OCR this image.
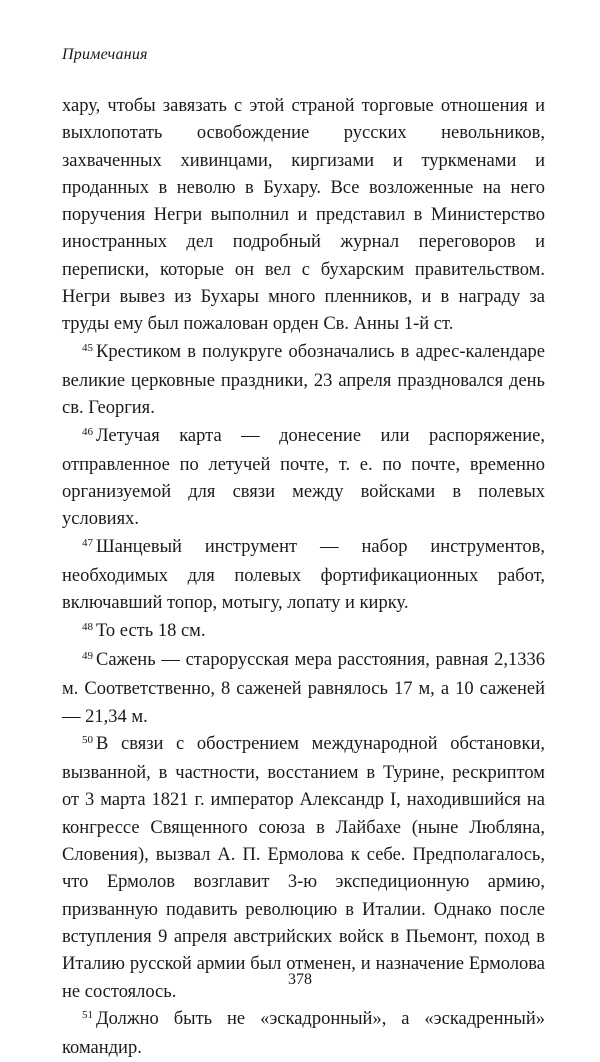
Примечания

хару, чтобы завязать с этой страной торговые отношения и выхлопотать освобождение русских невольников, захваченных хивинцами, киргизами и туркменами и проданных в неволю в Бухару. Все возложенные на него поручения Негри выполнил и представил в Министерство иностранных дел подробный журнал переговоров и переписки, которые он вел с бухарским правительством. Негри вывез из Бухары много пленников, и в награду за труды ему был пожалован орден Св. Анны 1-й ст.

$^{45}$ Крестиком в полукруге обозначались в адрес-календаре великие церковные праздники, 23 апреля праздновался день св. Георгия.

$^{46}$ Летучая карта — донесение или распоряжение, отправленное по летучей почте, т. е. по почте, временно организуемой для связи между войсками в полевых условиях.

$^{47}$ Шанцевый инструмент — набор инструментов, необходимых для полевых фортификационных работ, включавший топор, мотыгу, лопату и кирку.

$^{48}$ То есть 18 см.

$^{49}$ Сажень — старорусская мера расстояния, равная 2,1336 м. Соответственно, 8 саженей равнялось 17 м, а 10 саженей — 21,34 м.

$^{50}$ В связи с обострением международной обстановки, вызванной, в частности, восстанием в Турине, рескриптом от 3 марта 1821 г. император Александр I, находившийся на конгрессе Священного союза в Лайбахе (ныне Любляна, Словения), вызвал А. П. Ермолова к себе. Предполагалось, что Ермолов возглавит 3-ю экспедиционную армию, призванную подавить революцию в Италии. Однако после вступления 9 апреля австрийских войск в Пьемонт, поход в Италию русской армии был отменен, и назначение Ермолова не состоялось.

$^{51}$ Должно быть не «эскадронный», а «эскадренный» командир.

378
